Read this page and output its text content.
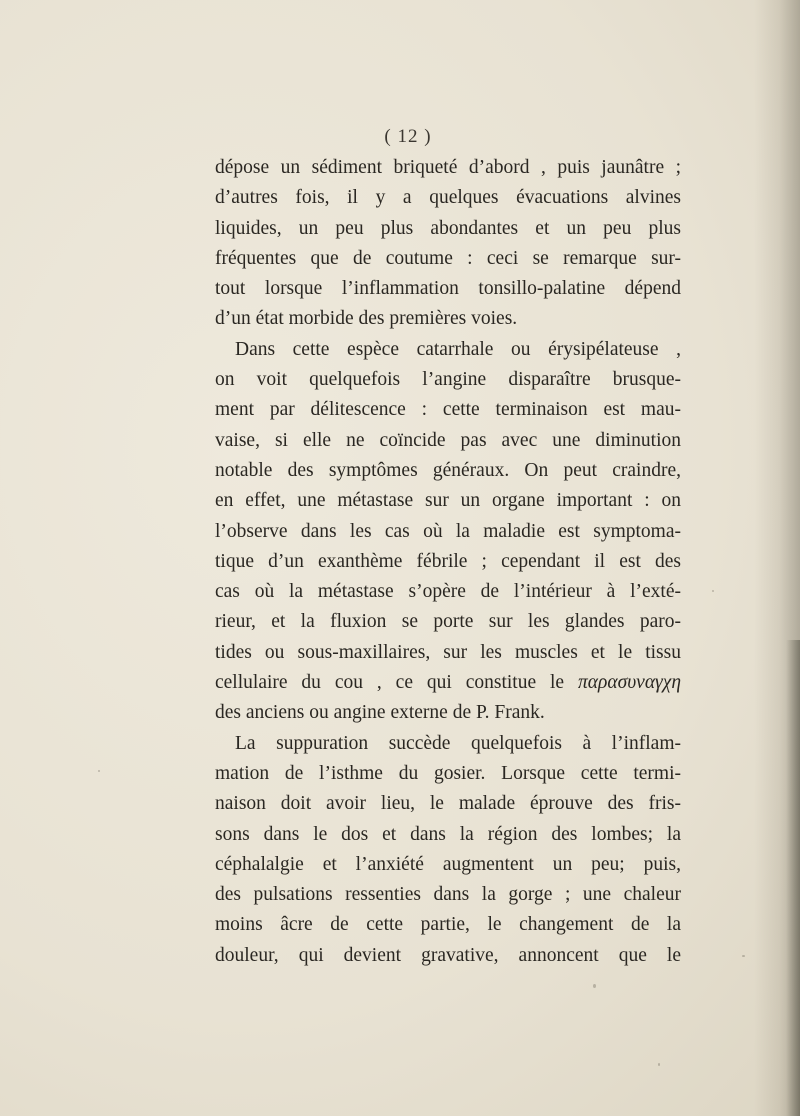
( 12 )
dépose un sédiment briqueté d’abord , puis jaunâtre ;
d’autres fois, il y a quelques évacuations alvines
liquides, un peu plus abondantes et un peu plus
fréquentes que de coutume : ceci se remarque sur-
tout lorsque l’inflammation tonsillo-palatine dépend
d’un état morbide des premières voies.
Dans cette espèce catarrhale ou érysipélateuse ,
on voit quelquefois l’angine disparaître brusque-
ment par délitescence : cette terminaison est mau-
vaise, si elle ne coïncide pas avec une diminution
notable des symptômes généraux. On peut craindre,
en effet, une métastase sur un organe important : on
l’observe dans les cas où la maladie est symptoma-
tique d’un exanthème fébrile ; cependant il est des
cas où la métastase s’opère de l’intérieur à l’exté-
rieur, et la fluxion se porte sur les glandes paro-
tides ou sous-maxillaires, sur les muscles et le tissu
cellulaire du cou , ce qui constitue le παρασυναγχη
des anciens ou angine externe de P. Frank.
La suppuration succède quelquefois à l’inflam-
mation de l’isthme du gosier. Lorsque cette termi-
naison doit avoir lieu, le malade éprouve des fris-
sons dans le dos et dans la région des lombes; la
céphalalgie et l’anxiété augmentent un peu; puis,
des pulsations ressenties dans la gorge ; une chaleur
moins âcre de cette partie, le changement de la
douleur, qui devient gravative, annoncent que le
